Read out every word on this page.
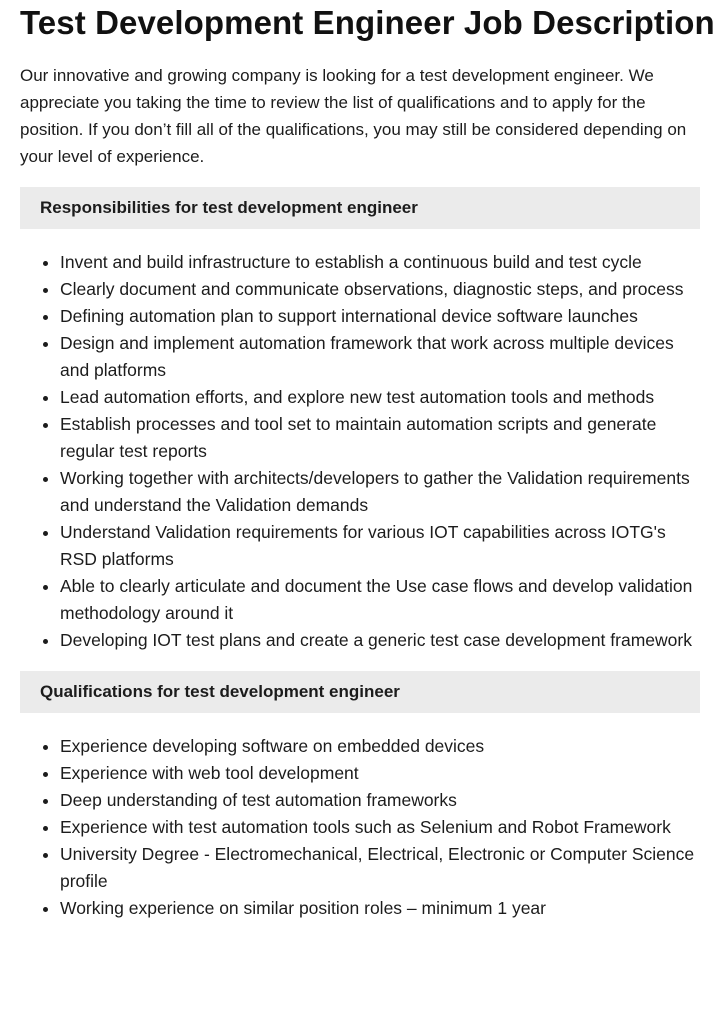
Test Development Engineer Job Description

Our innovative and growing company is looking for a test development engineer. We appreciate you taking the time to review the list of qualifications and to apply for the position. If you don’t fill all of the qualifications, you may still be considered depending on your level of experience.

Responsibilities for test development engineer
• Invent and build infrastructure to establish a continuous build and test cycle
• Clearly document and communicate observations, diagnostic steps, and process
• Defining automation plan to support international device software launches
• Design and implement automation framework that work across multiple devices and platforms
• Lead automation efforts, and explore new test automation tools and methods
• Establish processes and tool set to maintain automation scripts and generate regular test reports
• Working together with architects/developers to gather the Validation requirements and understand the Validation demands
• Understand Validation requirements for various IOT capabilities across IOTG's RSD platforms
• Able to clearly articulate and document the Use case flows and develop validation methodology around it
• Developing IOT test plans and create a generic test case development framework
Qualifications for test development engineer
• Experience developing software on embedded devices
• Experience with web tool development
• Deep understanding of test automation frameworks
• Experience with test automation tools such as Selenium and Robot Framework
• University Degree - Electromechanical, Electrical, Electronic or Computer Science profile
• Working experience on similar position roles – minimum 1 year
